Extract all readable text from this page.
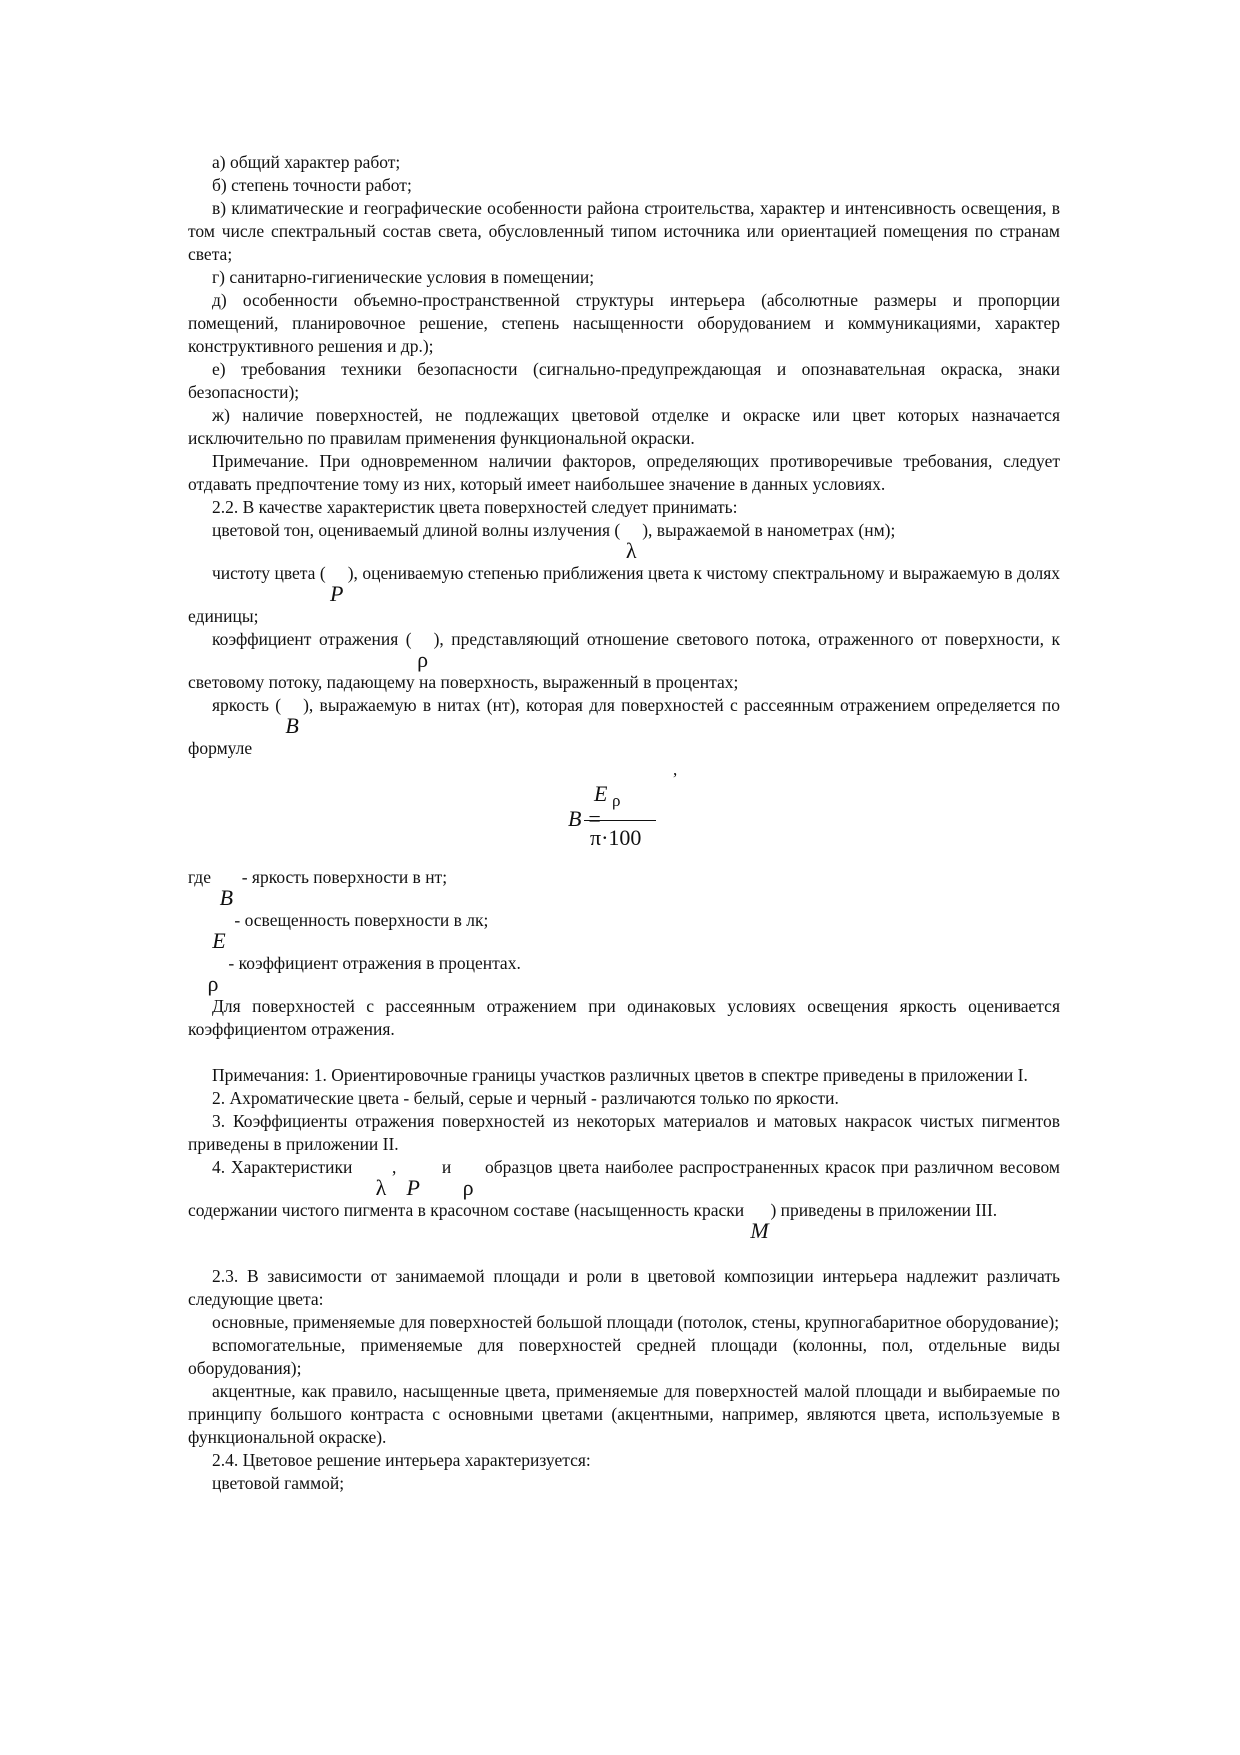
а) общий характер работ;

б) степень точности работ;

в) климатические и географические особенности района строительства, характер и интенсивность освещения, в том числе спектральный состав света, обусловленный типом источника или ориентацией помещения по странам света;

г) санитарно-гигиенические условия в помещении;

д) особенности объемно-пространственной структуры интерьера (абсолютные размеры и пропорции помещений, планировочное решение, степень насыщенности оборудованием и коммуникациями, характер конструктивного решения и др.);

е) требования техники безопасности (сигнально-предупреждающая и опознавательная окраска, знаки безопасности);

ж) наличие поверхностей, не подлежащих цветовой отделке и окраске или цвет которых назначается исключительно по правилам применения функциональной окраски.

Примечание. При одновременном наличии факторов, определяющих противоречивые требования, следует отдавать предпочтение тому из них, который имеет наибольшее значение в данных условиях.

2.2. В качестве характеристик цвета поверхностей следует принимать:

цветовой тон, оцениваемый длиной волны излучения (λ), выражаемой в нанометрах (нм);

чистоту цвета (P), оцениваемую степенью приближения цвета к чистому спектральному и выражаемую в долях единицы;

коэффициент отражения (ρ), представляющий отношение светового потока, отраженного от поверхности, к световому потоку, падающему на поверхность, выраженный в процентах;

яркость (B), выражаемую в нитах (нт), которая для поверхностей с рассеянным отражением определяется по формуле

,
E ρ
B =
π·100

где B - яркость поверхности в нт;

E - освещенность поверхности в лк;

ρ - коэффициент отражения в процентах.

Для поверхностей с рассеянным отражением при одинаковых условиях освещения яркость оценивается коэффициентом отражения.

Примечания: 1. Ориентировочные границы участков различных цветов в спектре приведены в приложении I.

2. Ахроматические цвета - белый, серые и черный - различаются только по яркости.

3. Коэффициенты отражения поверхностей из некоторых материалов и матовых накрасок чистых пигментов приведены в приложении II.

4. Характеристики   λ, P   и ρ образцов цвета наиболее распространенных красок при различном весовом содержании чистого пигмента в красочном составе (насыщенность краски M) приведены в приложении III.

2.3. В зависимости от занимаемой площади и роли в цветовой композиции интерьера надлежит различать следующие цвета:

основные, применяемые для поверхностей большой площади (потолок, стены, крупногабаритное оборудование);

вспомогательные, применяемые для поверхностей средней площади (колонны, пол, отдельные виды оборудования);

акцентные, как правило, насыщенные цвета, применяемые для поверхностей малой площади и выбираемые по принципу большого контраста с основными цветами (акцентными, например, являются цвета, используемые в функциональной окраске).

2.4. Цветовое решение интерьера характеризуется:

цветовой гаммой;
